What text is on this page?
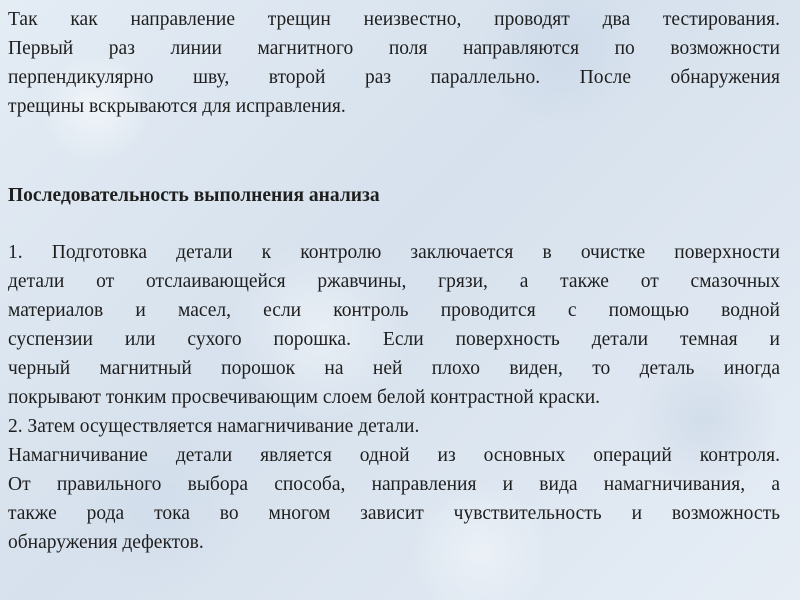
Так как направление трещин неизвестно, проводят два тестирования.
Первый раз линии магнитного поля направляются по возможности
перпендикулярно шву, второй раз параллельно. После обнаружения
трещины вскрываются для исправления.
Последовательность выполнения анализа
1. Подготовка детали к контролю заключается в очистке поверхности
детали от отслаивающейся ржавчины, грязи, а также от смазочных
материалов и масел, если контроль проводится с помощью водной
суспензии или сухого порошка. Если поверхность детали темная и
черный магнитный порошок на ней плохо виден, то деталь иногда
покрывают тонким просвечивающим слоем белой контрастной краски.
2. Затем осуществляется намагничивание детали.
Намагничивание детали является одной из основных операций контроля.
От правильного выбора способа, направления и вида намагничивания, а
также рода тока во многом зависит чувствительность и возможность
обнаружения дефектов.
